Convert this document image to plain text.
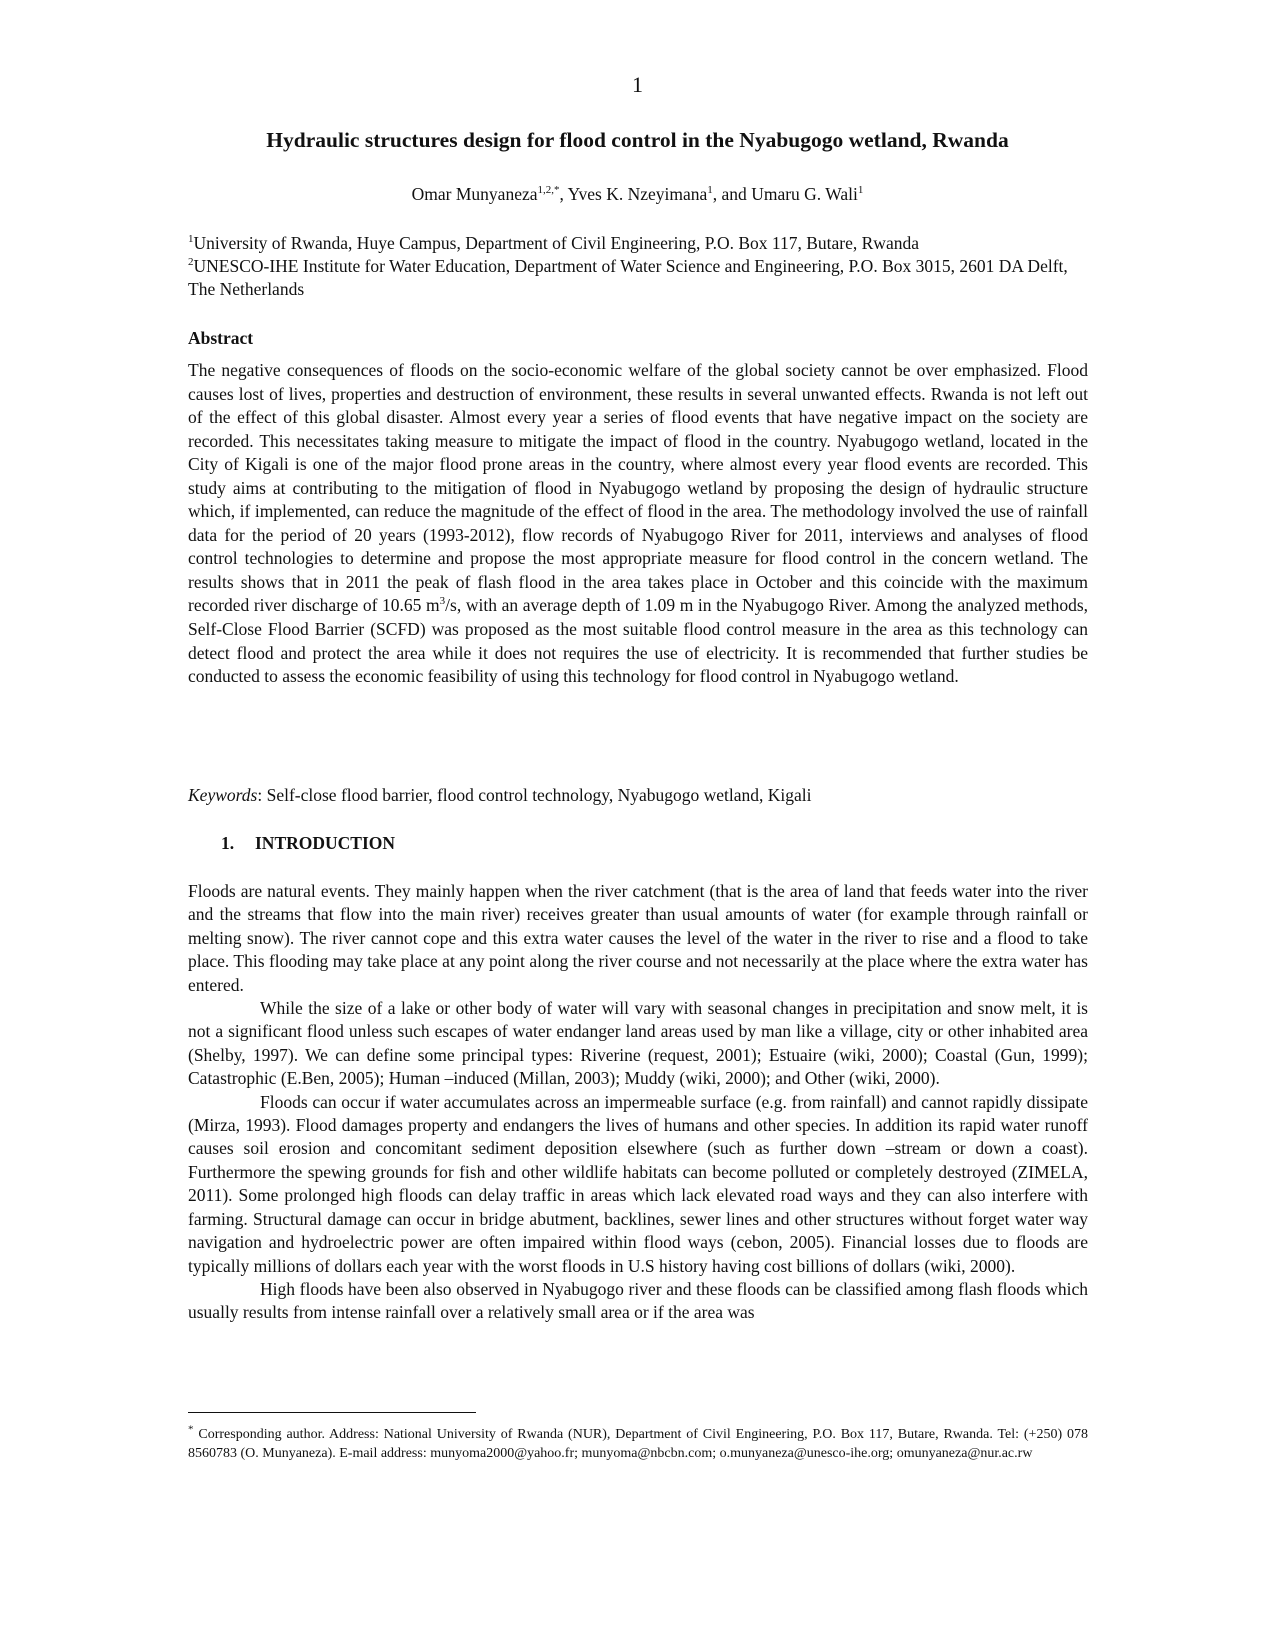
1
Hydraulic structures design for flood control in the Nyabugogo wetland, Rwanda
Omar Munyaneza$^{1,2,*}$, Yves K. Nzeyimana$^1$, and Umaru G. Wali$^1$

$^1$University of Rwanda, Huye Campus, Department of Civil Engineering, P.O. Box 117, Butare, Rwanda

$^2$UNESCO-IHE Institute for Water Education, Department of Water Science and Engineering, P.O. Box 3015, 2601 DA Delft, The Netherlands

Abstract

The negative consequences of floods on the socio-economic welfare of the global society cannot be over emphasized. Flood causes lost of lives, properties and destruction of environment, these results in several unwanted effects. Rwanda is not left out of the effect of this global disaster. Almost every year a series of flood events that have negative impact on the society are recorded. This necessitates taking measure to mitigate the impact of flood in the country. Nyabugogo wetland, located in the City of Kigali is one of the major flood prone areas in the country, where almost every year flood events are recorded. This study aims at contributing to the mitigation of flood in Nyabugogo wetland by proposing the design of hydraulic structure which, if implemented, can reduce the magnitude of the effect of flood in the area. The methodology involved the use of rainfall data for the period of 20 years (1993-2012), flow records of Nyabugogo River for 2011, interviews and analyses of flood control technologies to determine and propose the most appropriate measure for flood control in the concern wetland. The results shows that in 2011 the peak of flash flood in the area takes place in October and this coincide with the maximum recorded river discharge of 10.65 $m^3/s$, with an average depth of 1.09 m in the Nyabugogo River. Among the analyzed methods, Self-Close Flood Barrier (SCFD) was proposed as the most suitable flood control measure in the area as this technology can detect flood and protect the area while it does not requires the use of electricity. It is recommended that further studies be conducted to assess the economic feasibility of using this technology for flood control in Nyabugogo wetland.

Keywords: Self-close flood barrier, flood control technology, Nyabugogo wetland, Kigali
1. INTRODUCTION

Floods are natural events. They mainly happen when the river catchment (that is the area of land that feeds water into the river and the streams that flow into the main river) receives greater than usual amounts of water (for example through rainfall or melting snow). The river cannot cope and this extra water causes the level of the water in the river to rise and a flood to take place. This flooding may take place at any point along the river course and not necessarily at the place where the extra water has entered.

While the size of a lake or other body of water will vary with seasonal changes in precipitation and snow melt, it is not a significant flood unless such escapes of water endanger land areas used by man like a village, city or other inhabited area (Shelby, 1997). We can define some principal types: Riverine (request, 2001); Estuaire (wiki, 2000); Coastal (Gun, 1999); Catastrophic (E.Ben, 2005); Human –induced (Millan, 2003); Muddy (wiki, 2000); and Other (wiki, 2000).

Floods can occur if water accumulates across an impermeable surface (e.g. from rainfall) and cannot rapidly dissipate (Mirza, 1993). Flood damages property and endangers the lives of humans and other species. In addition its rapid water runoff causes soil erosion and concomitant sediment deposition elsewhere (such as further down –stream or down a coast). Furthermore the spewing grounds for fish and other wildlife habitats can become polluted or completely destroyed (ZIMELA, 2011). Some prolonged high floods can delay traffic in areas which lack elevated road ways and they can also interfere with farming. Structural damage can occur in bridge abutment, backlines, sewer lines and other structures without forget water way navigation and hydroelectric power are often impaired within flood ways (cebon, 2005). Financial losses due to floods are typically millions of dollars each year with the worst floods in U.S history having cost billions of dollars (wiki, 2000).

High floods have been also observed in Nyabugogo river and these floods can be classified among flash floods which usually results from intense rainfall over a relatively small area or if the area was

* Corresponding author. Address: National University of Rwanda (NUR), Department of Civil Engineering, P.O. Box 117, Butare, Rwanda. Tel: (+250) 078 8560783 (O. Munyaneza). E-mail address: munyoma2000@yahoo.fr; munyoma@nbcbn.com; o.munyaneza@unesco-ihe.org; omunyaneza@nur.ac.rw
